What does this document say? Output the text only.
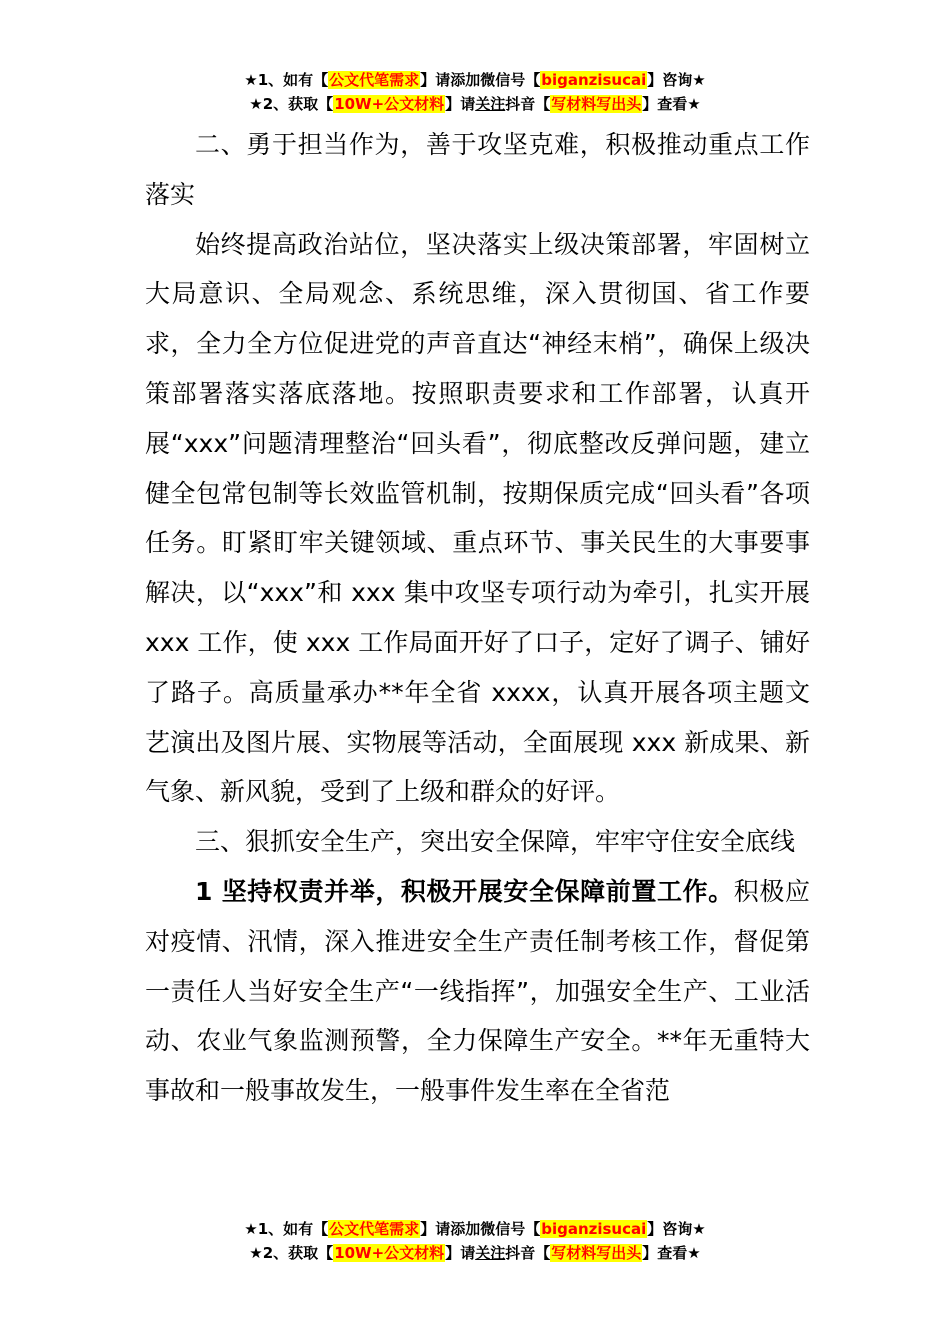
★1、如有【公文代笔需求】请添加微信号【biganzisucai】咨询★
★2、获取【10W+公文材料】请关注抖音【写材料写出头】查看★

二、勇于担当作为，善于攻坚克难，积极推动重点工作落实

始终提高政治站位，坚决落实上级决策部署，牢固树立大局意识、全局观念、系统思维，深入贯彻国、省工作要求，全力全方位促进党的声音直达“神经末梢”，确保上级决策部署落实落底落地。按照职责要求和工作部署，认真开展“xxx”问题清理整治“回头看”，彻底整改反弹问题，建立健全包常包制等长效监管机制，按期保质完成“回头看”各项任务。盯紧盯牢关键领域、重点环节、事关民生的大事要事解决，以“xxx”和 xxx 集中攻坚专项行动为牵引，扎实开展 xxx 工作，使 xxx 工作局面开好了口子，定好了调子、铺好了路子。高质量承办**年全省 xxxx，认真开展各项主题文艺演出及图片展、实物展等活动，全面展现 xxx 新成果、新气象、新风貌，受到了上级和群众的好评。

三、狠抓安全生产，突出安全保障，牢牢守住安全底线

1 坚持权责并举，积极开展安全保障前置工作。积极应对疫情、汛情，深入推进安全生产责任制考核工作，督促第一责任人当好安全生产“一线指挥”，加强安全生产、工业活动、农业气象监测预警，全力保障生产安全。**年无重特大事故和一般事故发生，一般事件发生率在全省范

★1、如有【公文代笔需求】请添加微信号【biganzisucai】咨询★
★2、获取【10W+公文材料】请关注抖音【写材料写出头】查看★
